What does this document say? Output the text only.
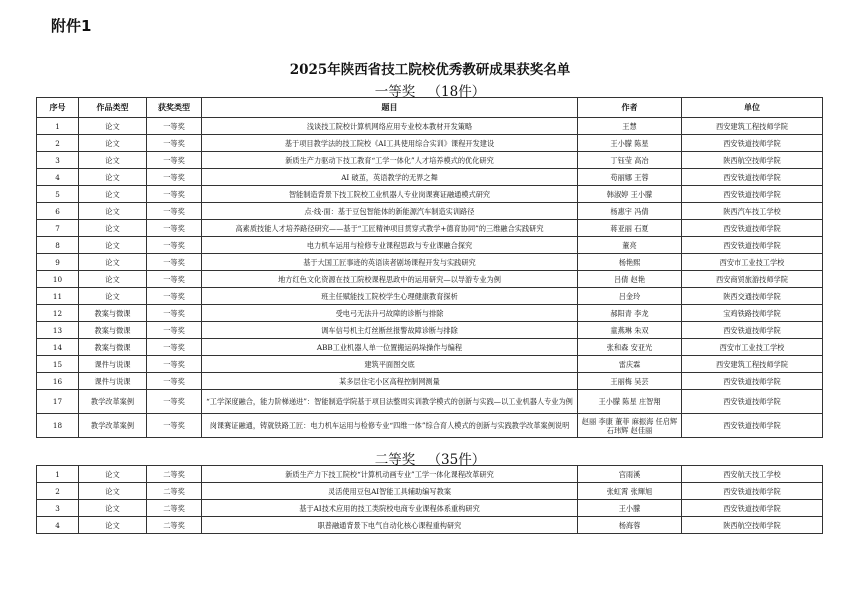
附件1
2025年陕西省技工院校优秀教研成果获奖名单
一等奖 （18件）
序号	作品类型	获奖类型	题目	作者	单位
1	论文	一等奖	浅谈技工院校计算机网络应用专业校本教材开发策略	王慧	西安建筑工程技师学院
2	论文	一等奖	基于项目教学法的技工院校《AI工具使用综合实训》课程开发建设	王小朦 陈星	西安铁道技师学院
3	论文	一等奖	新质生产力驱动下技工教育“工学一体化”人才培养模式的优化研究	丁钰莹 高冶	陕西航空技师学院
4	论文	一等奖	AI 破茧，英语教学的无界之舞	苟丽娜 王蓉	西安铁道技师学院
5	论文	一等奖	智能制造背景下技工院校工业机器人专业岗课赛证融通模式研究	韩淑婷 王小朦	西安铁道技师学院
6	论文	一等奖	点·线·面：基于豆包智能体的新能源汽车制造实训路径	杨惠宇 冯倩	陕西汽车技工学校
7	论文	一等奖	高素质技能人才培养路径研究——基于“工匠精神项目贯穿式教学+德育协同”的三维融合实践研究	蒋亚丽 石夏	西安铁道技师学院
8	论文	一等奖	电力机车运用与检修专业课程思政与专业课融合探究	董亮	西安铁道技师学院
9	论文	一等奖	基于大国工匠事迹的英语读者剧场课程开发与实践研究	杨艳熙	西安市工业技工学校
10	论文	一等奖	地方红色文化资源在技工院校课程思政中的运用研究—以导游专业为例	吕倩 赵艳	西安商贸旅游技师学院
11	论文	一等奖	班主任赋能技工院校学生心理健康教育探析	吕金玲	陕西交通技师学院
12	教案与微课	一等奖	受电弓无法升弓故障的诊断与排除	郝阳青 李龙	宝鸡铁路技师学院
13	教案与微课	一等奖	调车信号机主灯丝断丝报警故障诊断与排除	童燕琳 朱双	西安铁道技师学院
14	教案与微课	一等奖	ABB工业机器人单一位置搬运码垛操作与编程	张和森 安亚光	西安市工业技工学校
15	课件与说课	一等奖	建筑平面图交底	雷庆霖	西安建筑工程技师学院
16	课件与说课	一等奖	某多层住宅小区高程控制网测量	王丽梅 吴芸	西安铁道技师学院
17	教学改革案例	一等奖	“工学深度融合，能力阶梯递进”：智能制造学院基于项目法整周实训教学模式的创新与实践—以工业机器人专业为例	王小朦 陈星 庄智翔	西安铁道技师学院
18	教学改革案例	一等奖	岗课赛证融通，铸就铁路工匠：电力机车运用与检修专业“四维一体”综合育人模式的创新与实践教学改革案例说明	赵丽 李康 董菲 麻振海 任启辉 石玮辉 赵佳丽	西安铁道技师学院
二等奖 （35件）
1	论文	二等奖	新质生产力下技工院校“计算机动画专业”工学一体化课程改革研究	宫雨溪	西安航天技工学校
2	论文	二等奖	灵活使用豆包AI智能工具辅助编写教案	张虹霄 张輝旭	西安铁道技师学院
3	论文	二等奖	基于AI技术应用的技工类院校电商专业课程体系重构研究	王小朦	西安铁道技师学院
4	论文	二等奖	职普融通背景下电气自动化核心课程重构研究	杨海蓉	陕西航空技师学院
